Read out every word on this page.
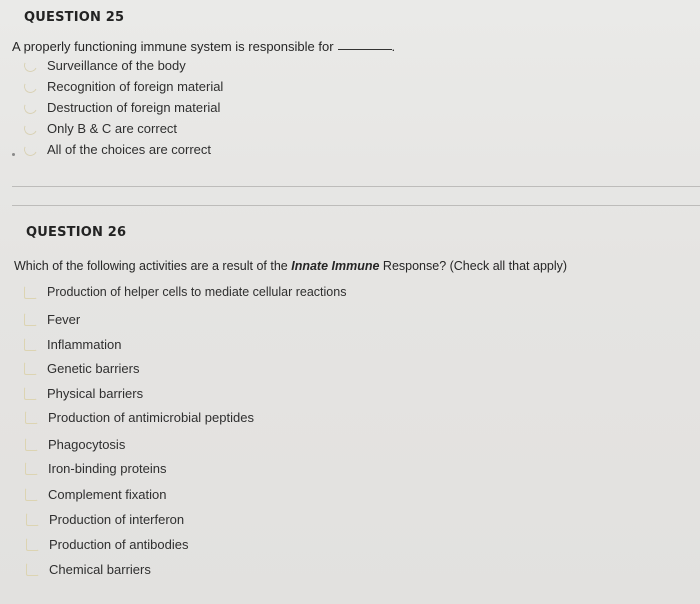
QUESTION 25
A properly functioning immune system is responsible for	.
Surveillance of the body
Recognition of foreign material
Destruction of foreign material
Only B & C are correct
All of the choices are correct
QUESTION 26
Which of the following activities are a result of the Innate Immune Response? (Check all that apply)
Production of helper cells to mediate cellular reactions
Fever
Inflammation
Genetic barriers
Physical barriers
Production of antimicrobial peptides
Phagocytosis
Iron-binding proteins
Complement fixation
Production of interferon
Production of antibodies
Chemical barriers
